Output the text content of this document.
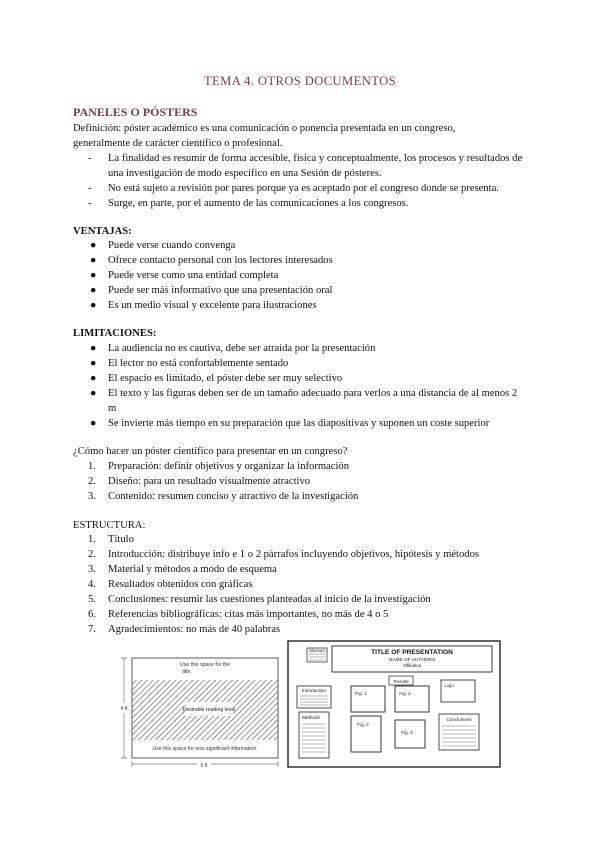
TEMA 4. OTROS DOCUMENTOS
PANELES O PÓSTERS
Definición: póster académico es una comunicación o ponencia presentada en un congreso,
generalmente de carácter científico o profesional.
-	La finalidad es resumir de forma accesible, física y conceptualmente, los procesos y resultados de una investigación de modo específico en una Sesión de pósteres.
-	No está sujeto a revisión por pares porque ya es aceptado por el congreso donde se presenta.
-	Surge, en parte, por el aumento de las comunicaciones a los congresos.
VENTAJAS:
●	Puede verse cuando convenga
●	Ofrece contacto personal con los lectores interesados
●	Puede verse como una entidad completa
●	Puede ser más informativo que una presentación oral
●	Es un medio visual y excelente para ilustraciones
LIMITACIONES:
●	La audiencia no es cautiva, debe ser atraída por la presentación
●	El lector no está confortablemente sentado
●	El espacio es limitado, el póster debe ser muy selectivo
●	El texto y las figuras deben ser de un tamaño adecuado para verlos a una distancia de al menos 2 m
●	Se invierte más tiempo en su preparación que las diapositivas y suponen un coste superior
¿Cómo hacer un póster científico para presentar en un congreso?
1.	Preparación: definir objetivos y organizar la información
2.	Diseño: para un resultado visualmente atractivo
3.	Contenido: resumen conciso y atractivo de la investigación
ESTRUCTURA:
1.	Título
2.	Introducción: distribuye info e 1 o 2 párrafos incluyendo objetivos, hipótesis y métodos
3.	Material y métodos a modo de esquema
4.	Resultados obtenidos con gráficas
5.	Conclusiones: resumir las cuestiones planteadas al inicio de la investigación
6.	Referencias bibliográficas: citas más importantes, no más de 4 o 5
7.	Agradecimientos: no más de 40 palabras
Use this space for the
title.
Desirable reading level
Use this space for less significant information.
4 ft
6 ft
Abstract	TITLE OF PRESENTATION
NAME OF AUTHORS
Affiliation
Results
Introduction
Fig. 1	Fig. 2
Logo
Methods
Fig. 3
Fig. 4
Conclusions
